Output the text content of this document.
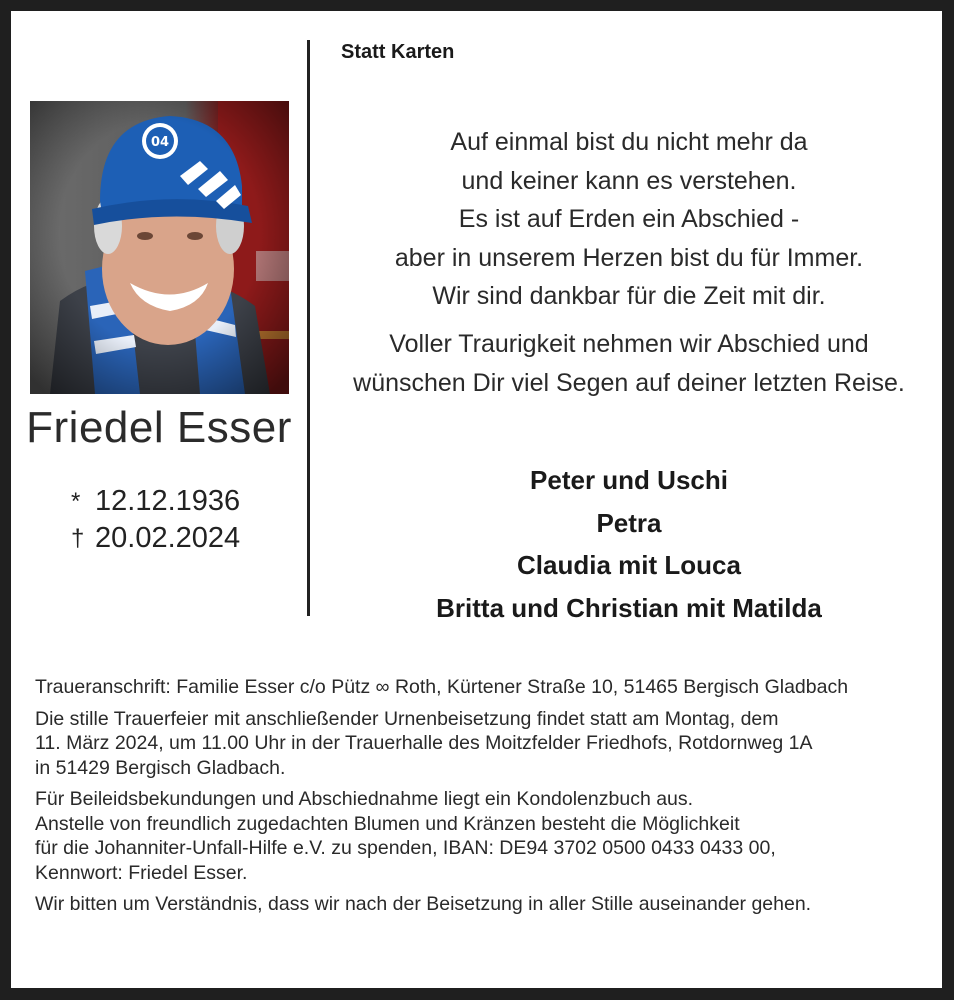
Friedel Esser
* 12.12.1936
† 20.02.2024
Statt Karten
Auf einmal bist du nicht mehr da
und keiner kann es verstehen.
Es ist auf Erden ein Abschied -
aber in unserem Herzen bist du für Immer.
Wir sind dankbar für die Zeit mit dir.
Voller Traurigkeit nehmen wir Abschied und
wünschen Dir viel Segen auf deiner letzten Reise.
Peter und Uschi
Petra
Claudia mit Louca
Britta und Christian mit Matilda
Traueranschrift: Familie Esser c/o Pütz ∞ Roth, Kürtener Straße 10, 51465 Bergisch Gladbach
Die stille Trauerfeier mit anschließender Urnenbeisetzung findet statt am Montag, dem
11. März 2024, um 11.00 Uhr in der Trauerhalle des Moitzfelder Friedhofs, Rotdornweg 1A
in 51429 Bergisch Gladbach.
Für Beileidsbekundungen und Abschiednahme liegt ein Kondolenzbuch aus.
Anstelle von freundlich zugedachten Blumen und Kränzen besteht die Möglichkeit
für die Johanniter-Unfall-Hilfe e.V. zu spenden, IBAN: DE94 3702 0500 0433 0433 00,
Kennwort: Friedel Esser.
Wir bitten um Verständnis, dass wir nach der Beisetzung in aller Stille auseinander gehen.
